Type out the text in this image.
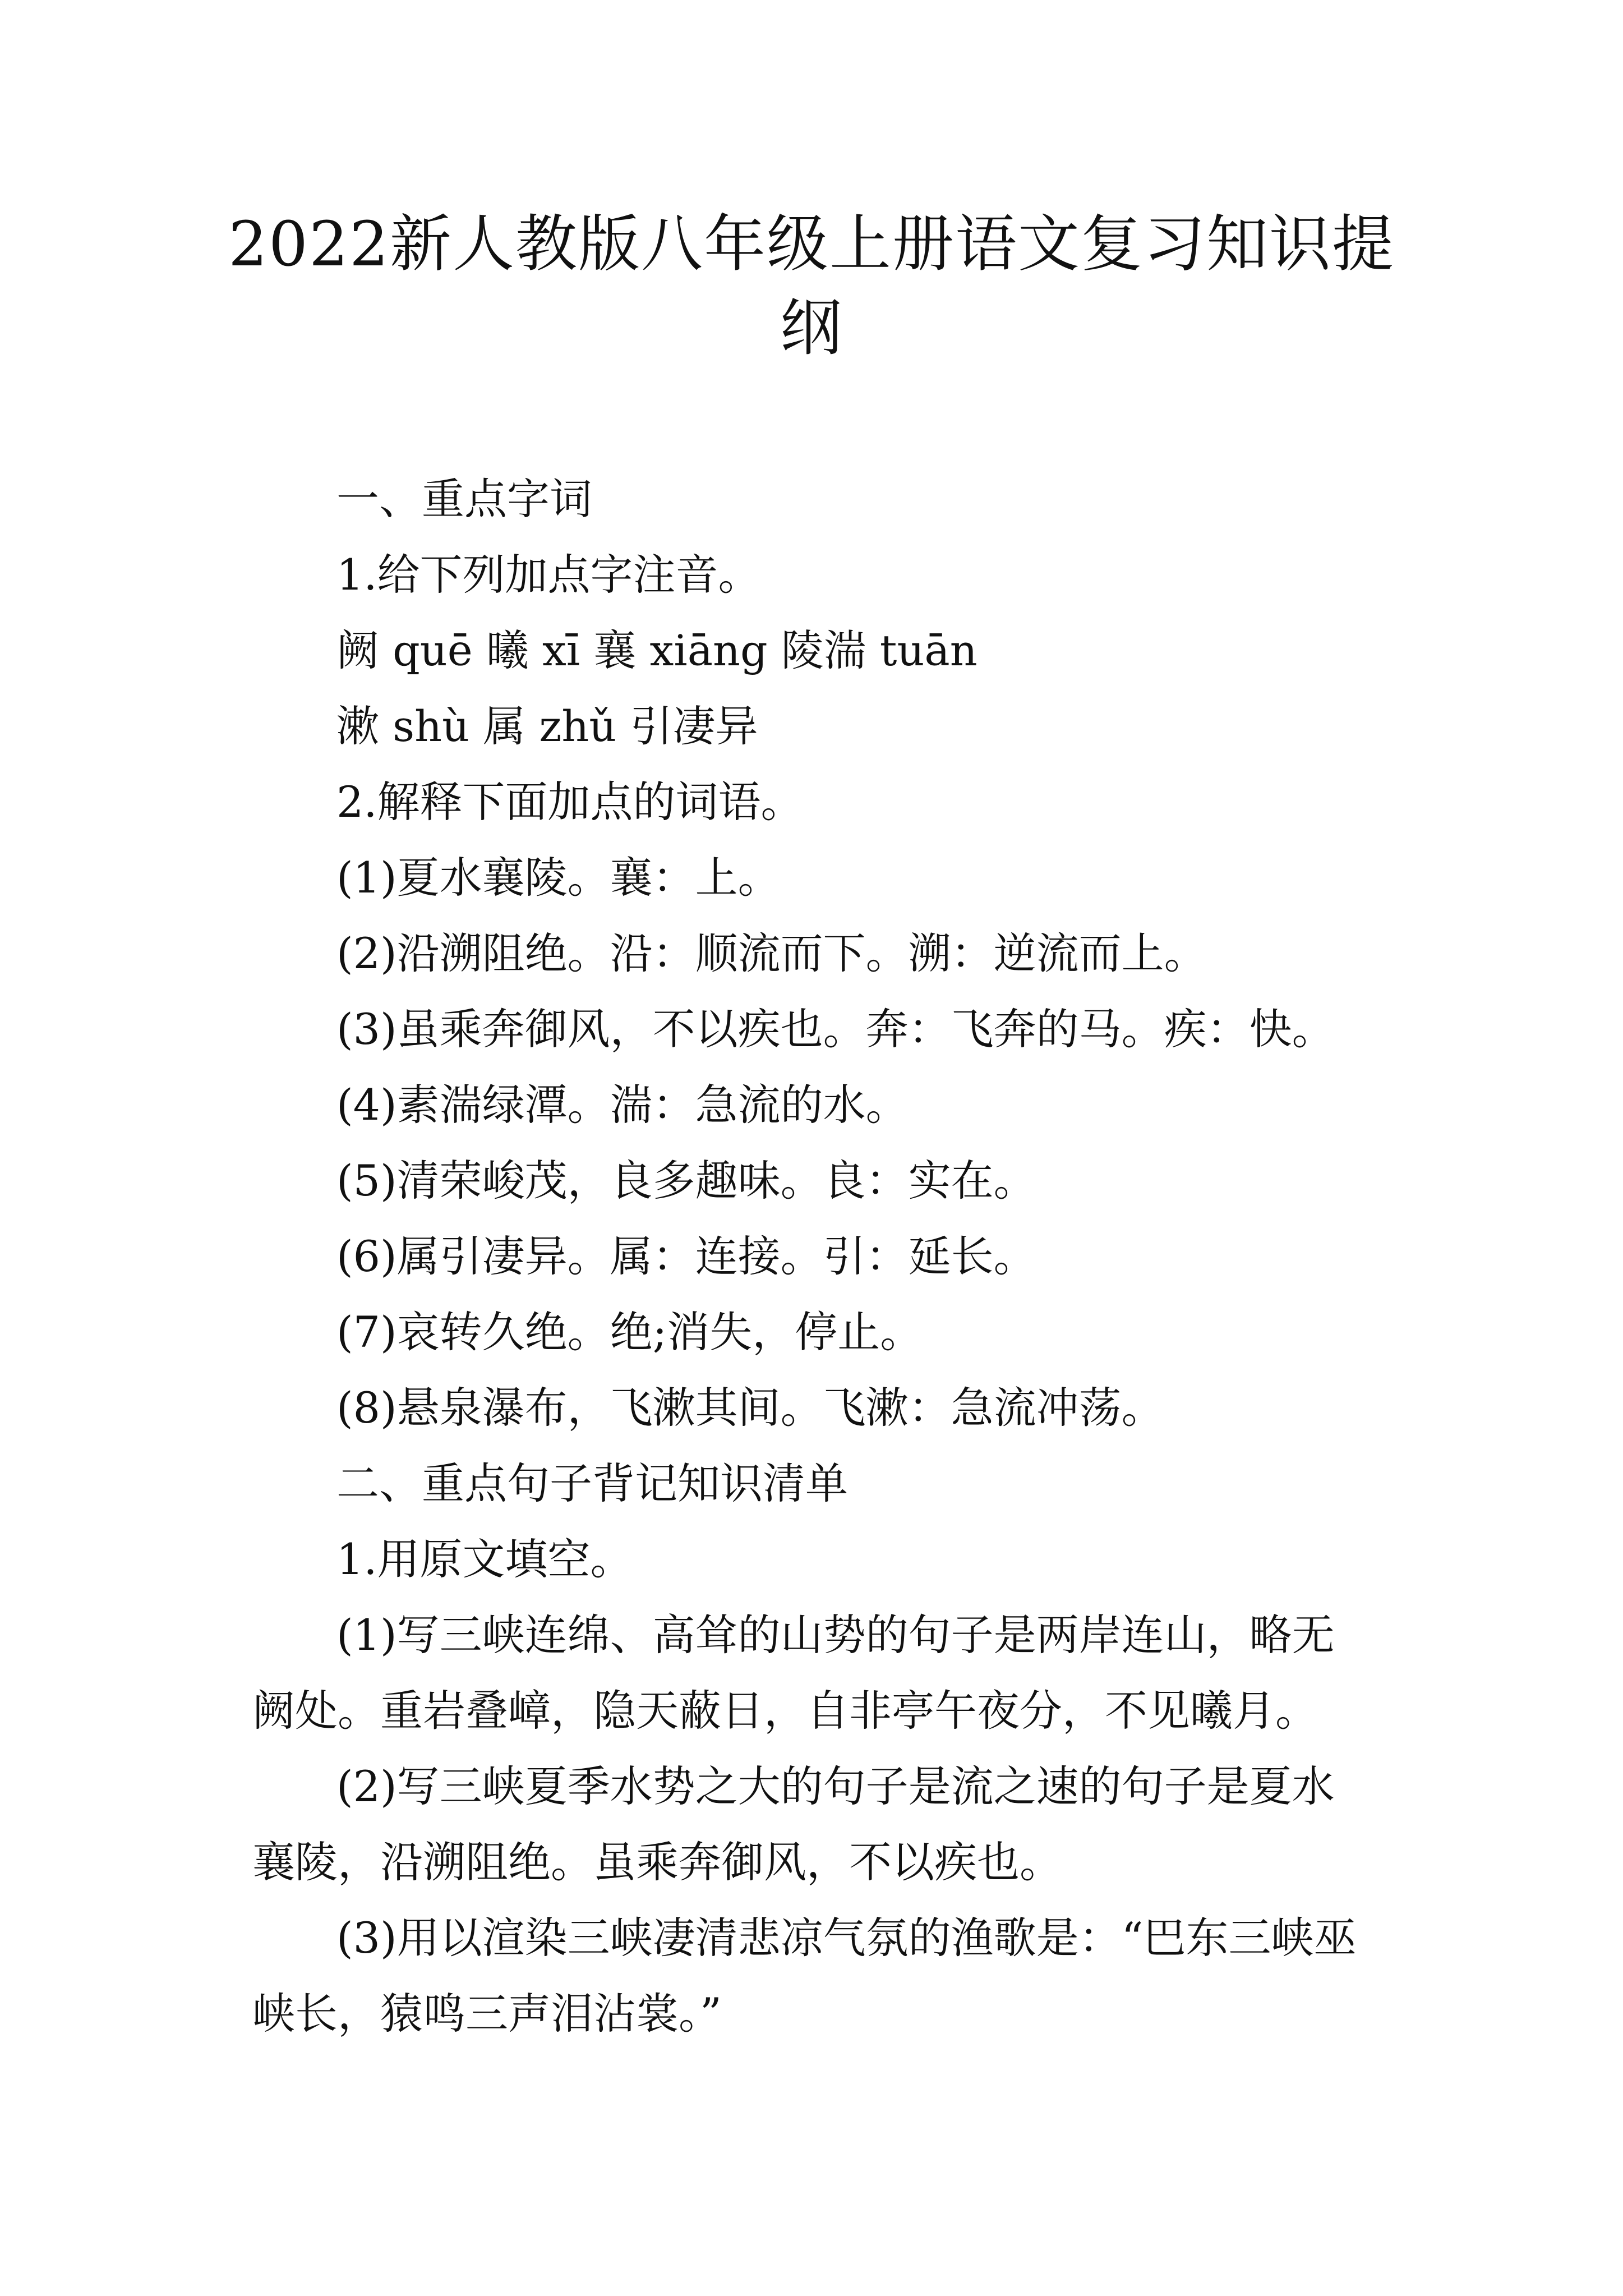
2022新人教版八年级上册语文复习知识提
纲

一、重点字词

1.给下列加点字注音。

阙 quē 曦 xī 襄 xiāng 陵湍 tuān

漱 shù 属 zhǔ 引凄异

2.解释下面加点的词语。

(1)夏水襄陵。襄：上。

(2)沿溯阻绝。沿：顺流而下。溯：逆流而上。

(3)虽乘奔御风，不以疾也。奔：飞奔的马。疾：快。

(4)素湍绿潭。湍：急流的水。

(5)清荣峻茂，良多趣味。良：实在。

(6)属引凄异。属：连接。引：延长。

(7)哀转久绝。绝;消失，停止。

(8)悬泉瀑布，飞漱其间。飞漱：急流冲荡。

二、重点句子背记知识清单

1.用原文填空。

(1)写三峡连绵、高耸的山势的句子是两岸连山，略无

阙处。重岩叠嶂，隐天蔽日，自非亭午夜分，不见曦月。

(2)写三峡夏季水势之大的句子是流之速的句子是夏水

襄陵，沿溯阻绝。虽乘奔御风，不以疾也。

(3)用以渲染三峡凄清悲凉气氛的渔歌是：“巴东三峡巫

峡长，猿鸣三声泪沾裳。”
